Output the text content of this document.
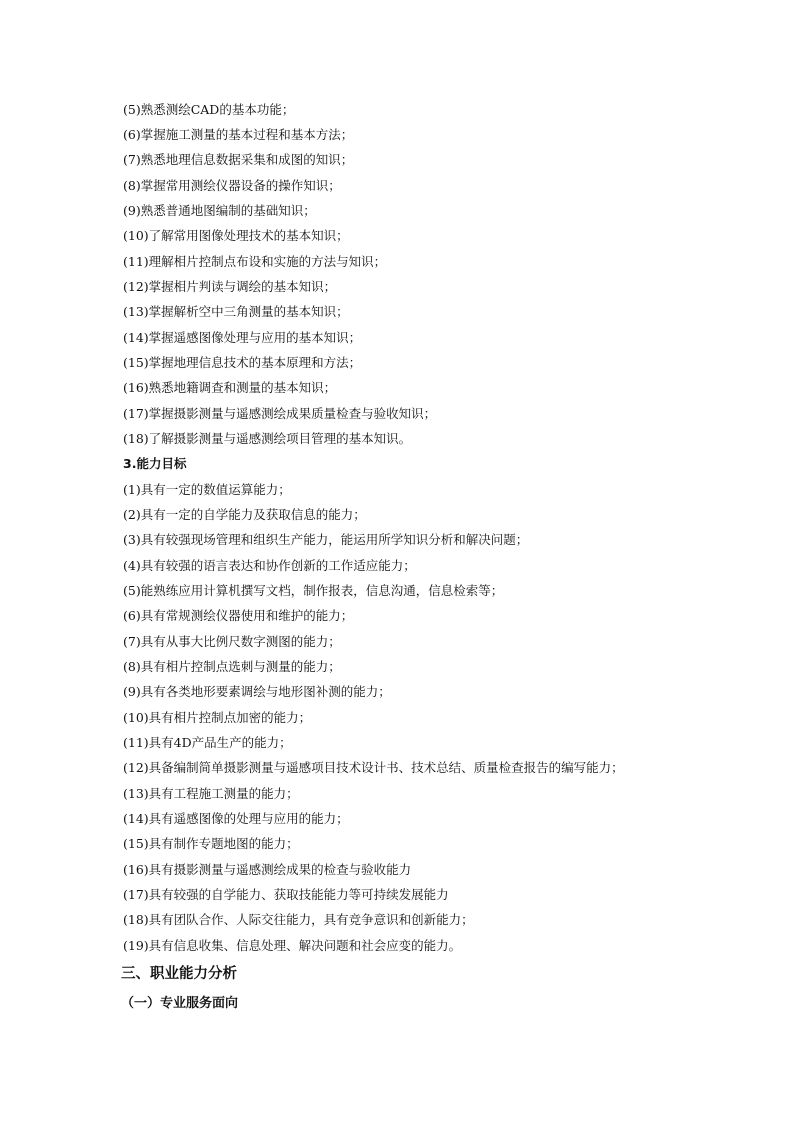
(5)熟悉测绘CAD的基本功能；
(6)掌握施工测量的基本过程和基本方法；
(7)熟悉地理信息数据采集和成图的知识；
(8)掌握常用测绘仪器设备的操作知识；
(9)熟悉普通地图编制的基础知识；
(10)了解常用图像处理技术的基本知识；
(11)理解相片控制点布设和实施的方法与知识；
(12)掌握相片判读与调绘的基本知识；
(13)掌握解析空中三角测量的基本知识；
(14)掌握遥感图像处理与应用的基本知识；
(15)掌握地理信息技术的基本原理和方法；
(16)熟悉地籍调查和测量的基本知识；
(17)掌握摄影测量与遥感测绘成果质量检查与验收知识；
(18)了解摄影测量与遥感测绘项目管理的基本知识。
3.能力目标
(1)具有一定的数值运算能力；
(2)具有一定的自学能力及获取信息的能力；
(3)具有较强现场管理和组织生产能力，能运用所学知识分析和解决问题；
(4)具有较强的语言表达和协作创新的工作适应能力；
(5)能熟练应用计算机撰写文档，制作报表，信息沟通，信息检索等；
(6)具有常规测绘仪器使用和维护的能力；
(7)具有从事大比例尺数字测图的能力；
(8)具有相片控制点选刺与测量的能力；
(9)具有各类地形要素调绘与地形图补测的能力；
(10)具有相片控制点加密的能力；
(11)具有4D产品生产的能力；
(12)具备编制简单摄影测量与遥感项目技术设计书、技术总结、质量检查报告的编写能力；
(13)具有工程施工测量的能力；
(14)具有遥感图像的处理与应用的能力；
(15)具有制作专题地图的能力；
(16)具有摄影测量与遥感测绘成果的检查与验收能力
(17)具有较强的自学能力、获取技能能力等可持续发展能力
(18)具有团队合作、人际交往能力，具有竞争意识和创新能力；
(19)具有信息收集、信息处理、解决问题和社会应变的能力。
三、职业能力分析
（一）专业服务面向
